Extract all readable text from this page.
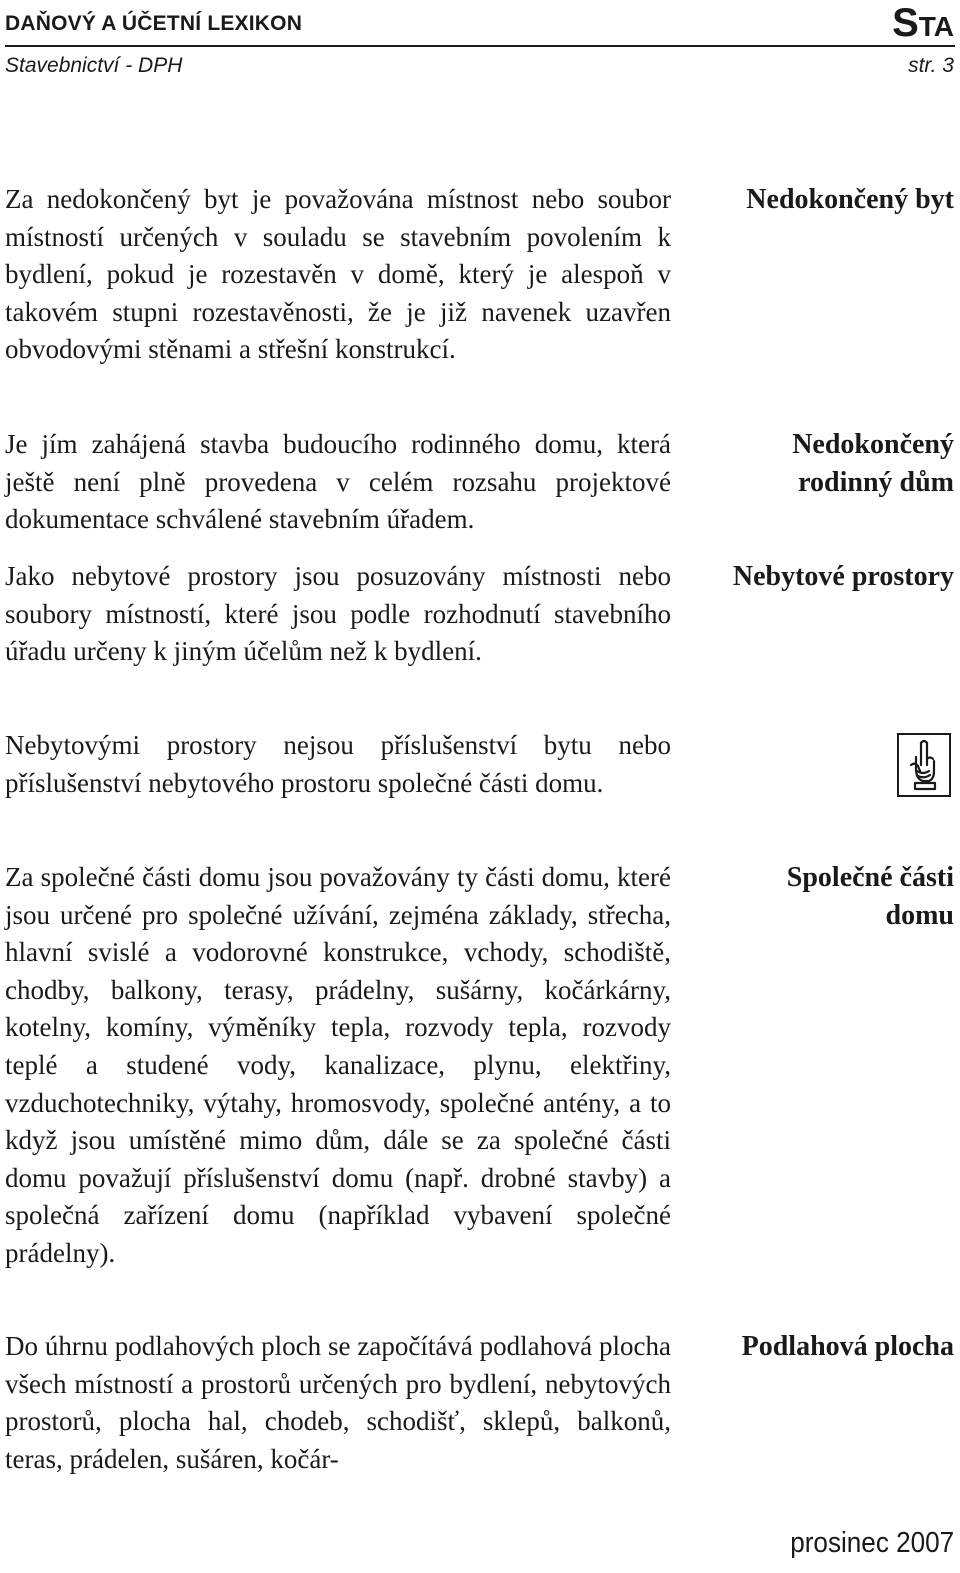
DAŇOVÝ A ÚČETNÍ LEXIKON	STA
Stavebnictví - DPH	str. 3

Za nedokončený byt je považována místnost nebo soubor místností určených v souladu se stavebním povolením k bydlení, pokud je rozestavěn v domě, který je alespoň v takovém stupni rozestavěnosti, že je již navenek uzavřen obvodovými stěnami a střešní konstrukcí.

Je jím zahájená stavba budoucího rodinného domu, která ještě není plně provedena v celém rozsahu projektové dokumentace schválené stavebním úřadem.

Jako nebytové prostory jsou posuzovány místnosti nebo soubory místností, které jsou podle rozhodnutí stavebního úřadu určeny k jiným účelům než k bydlení.

Nebytovými prostory nejsou příslušenství bytu nebo příslušenství nebytového prostoru společné části domu.

Za společné části domu jsou považovány ty části domu, které jsou určené pro společné užívání, zejména základy, střecha, hlavní svislé a vodorovné konstrukce, vchody, schodiště, chodby, balkony, terasy, prádelny, sušárny, kočárkárny, kotelny, komíny, výměníky tepla, rozvody tepla, rozvody teplé a studené vody, kanalizace, plynu, elektřiny, vzduchotechniky, výtahy, hromosvody, společné antény, a to když jsou umístěné mimo dům, dále se za společné části domu považují příslušenství domu (např. drobné stavby) a společná zařízení domu (například vybavení společné prádelny).

Do úhrnu podlahových ploch se započítává podlahová plocha všech místností a prostorů určených pro bydlení, nebytových prostorů, plocha hal, chodeb, schodišť, sklepů, balkonů, teras, prádelen, sušáren, kočár-

Nedokončený byt

Nedokončený rodinný dům

Nebytové prostory

Společné části domu

Podlahová plocha

prosinec 2007
